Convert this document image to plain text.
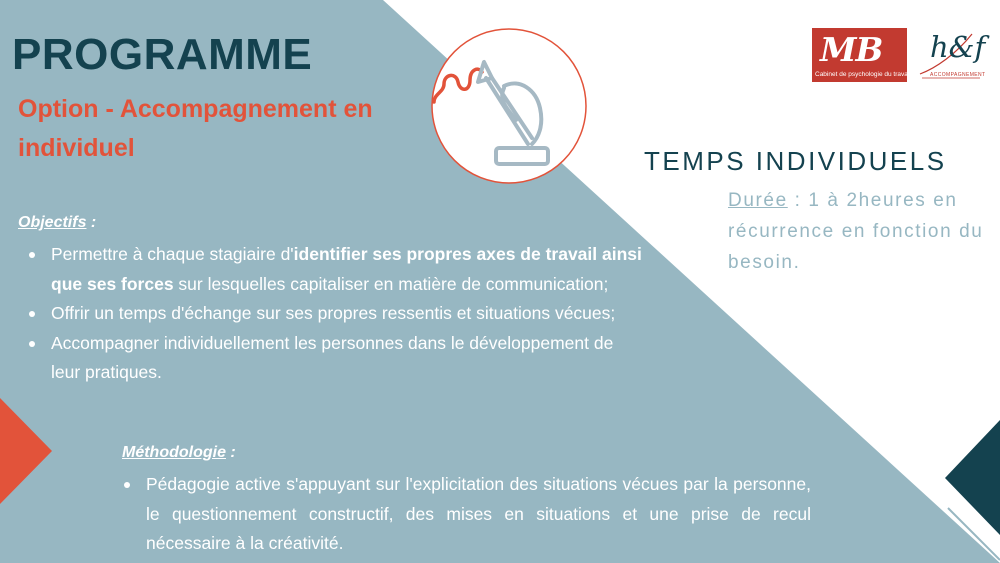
PROGRAMME
Option - Accompagnement en individuel
Objectifs :
Permettre à chaque stagiaire d'identifier ses propres axes de travail ainsi que ses forces sur lesquelles capitaliser en matière de communication;
Offrir un temps d'échange sur ses propres ressentis et situations vécues;
Accompagner individuellement les personnes dans le développement de leur pratiques.
Méthodologie :
Pédagogie active s'appuyant sur l'explicitation des situations vécues par la personne, le questionnement constructif, des mises en situations et une prise de recul nécessaire à la créativité.
TEMPS INDIVIDUELS
Durée : 1 à 2heures en récurrence en fonction du besoin.
MB
Cabinet de psychologie du travail
h&f
ACCOMPAGNEMENT
